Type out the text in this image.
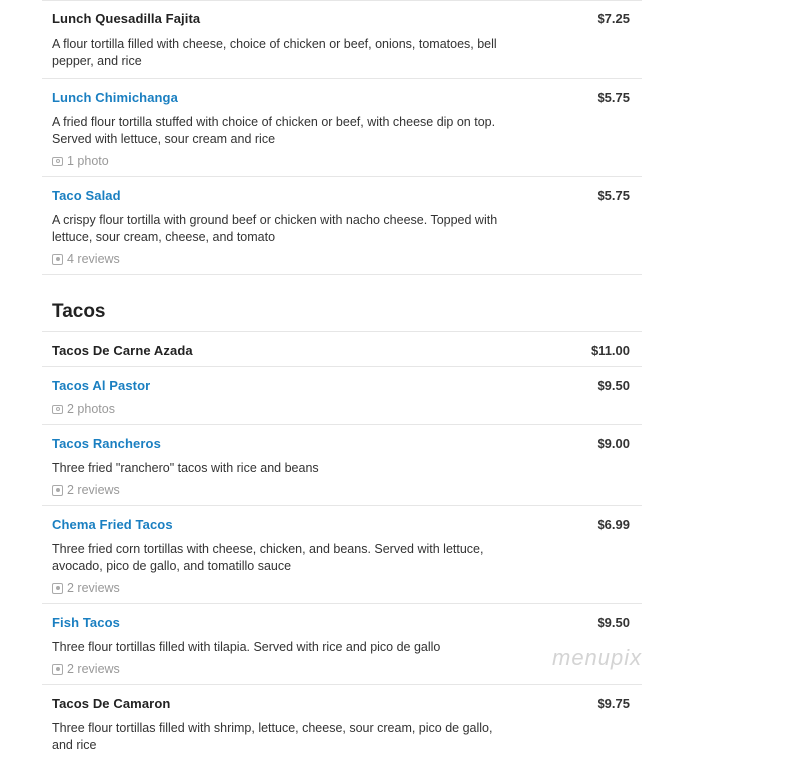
Lunch Quesadilla Fajita	$7.25
A flour tortilla filled with cheese, choice of chicken or beef, onions, tomatoes, bell pepper, and rice
Lunch Chimichanga	$5.75
A fried flour tortilla stuffed with choice of chicken or beef, with cheese dip on top. Served with lettuce, sour cream and rice
1 photo
Taco Salad	$5.75
A crispy flour tortilla with ground beef or chicken with nacho cheese. Topped with lettuce, sour cream, cheese, and tomato
4 reviews
Tacos
Tacos De Carne Azada	$11.00
Tacos Al Pastor	$9.50
2 photos
Tacos Rancheros	$9.00
Three fried "ranchero" tacos with rice and beans
2 reviews
Chema Fried Tacos	$6.99
Three fried corn tortillas with cheese, chicken, and beans. Served with lettuce, avocado, pico de gallo, and tomatillo sauce
2 reviews
Fish Tacos	$9.50
Three flour tortillas filled with tilapia. Served with rice and pico de gallo
2 reviews
Tacos De Camaron	$9.75
Three flour tortillas filled with shrimp, lettuce, cheese, sour cream, pico de gallo, and rice
menupix
